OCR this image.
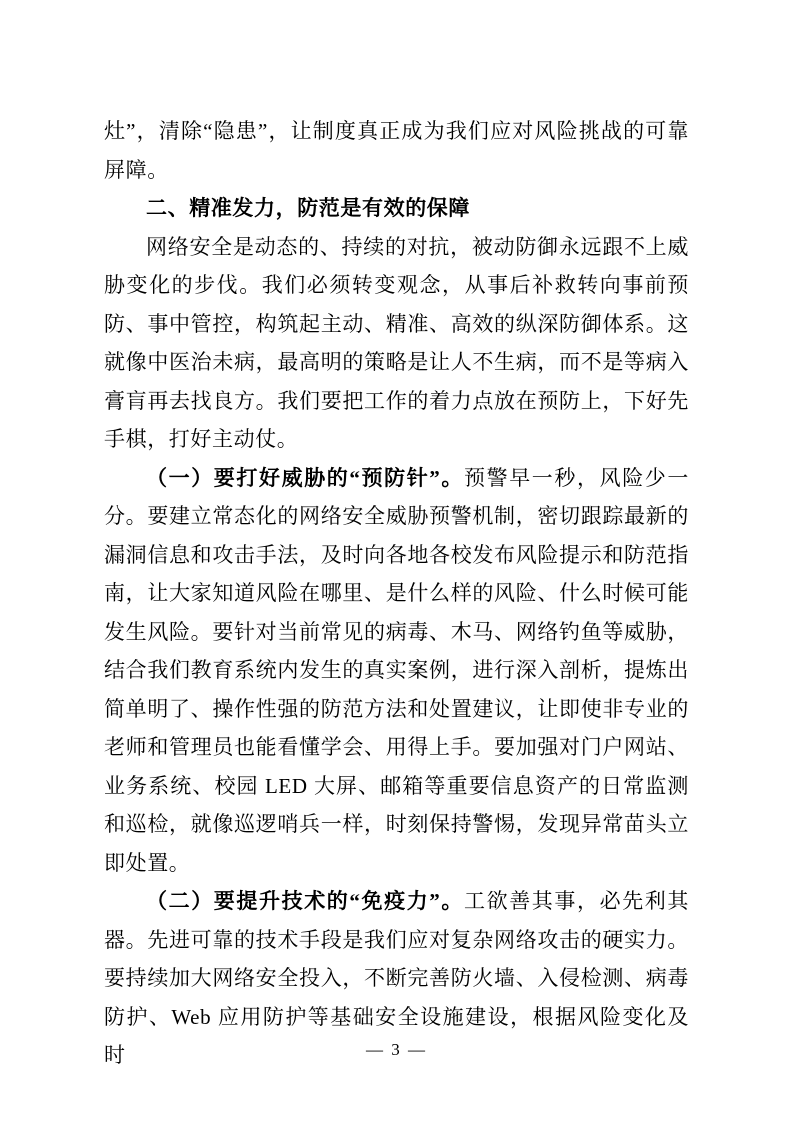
灶”，清除“隐患”，让制度真正成为我们应对风险挑战的可靠屏障。

二、精准发力，防范是有效的保障

网络安全是动态的、持续的对抗，被动防御永远跟不上威胁变化的步伐。我们必须转变观念，从事后补救转向事前预防、事中管控，构筑起主动、精准、高效的纵深防御体系。这就像中医治未病，最高明的策略是让人不生病，而不是等病入膏肓再去找良方。我们要把工作的着力点放在预防上，下好先手棋，打好主动仗。

（一）要打好威胁的“预防针”。预警早一秒，风险少一分。要建立常态化的网络安全威胁预警机制，密切跟踪最新的漏洞信息和攻击手法，及时向各地各校发布风险提示和防范指南，让大家知道风险在哪里、是什么样的风险、什么时候可能发生风险。要针对当前常见的病毒、木马、网络钓鱼等威胁，结合我们教育系统内发生的真实案例，进行深入剖析，提炼出简单明了、操作性强的防范方法和处置建议，让即使非专业的老师和管理员也能看懂学会、用得上手。要加强对门户网站、业务系统、校园 LED 大屏、邮箱等重要信息资产的日常监测和巡检，就像巡逻哨兵一样，时刻保持警惕，发现异常苗头立即处置。

（二）要提升技术的“免疫力”。工欲善其事，必先利其器。先进可靠的技术手段是我们应对复杂网络攻击的硬实力。要持续加大网络安全投入，不断完善防火墙、入侵检测、病毒防护、Web 应用防护等基础安全设施建设，根据风险变化及时	— 3 —
